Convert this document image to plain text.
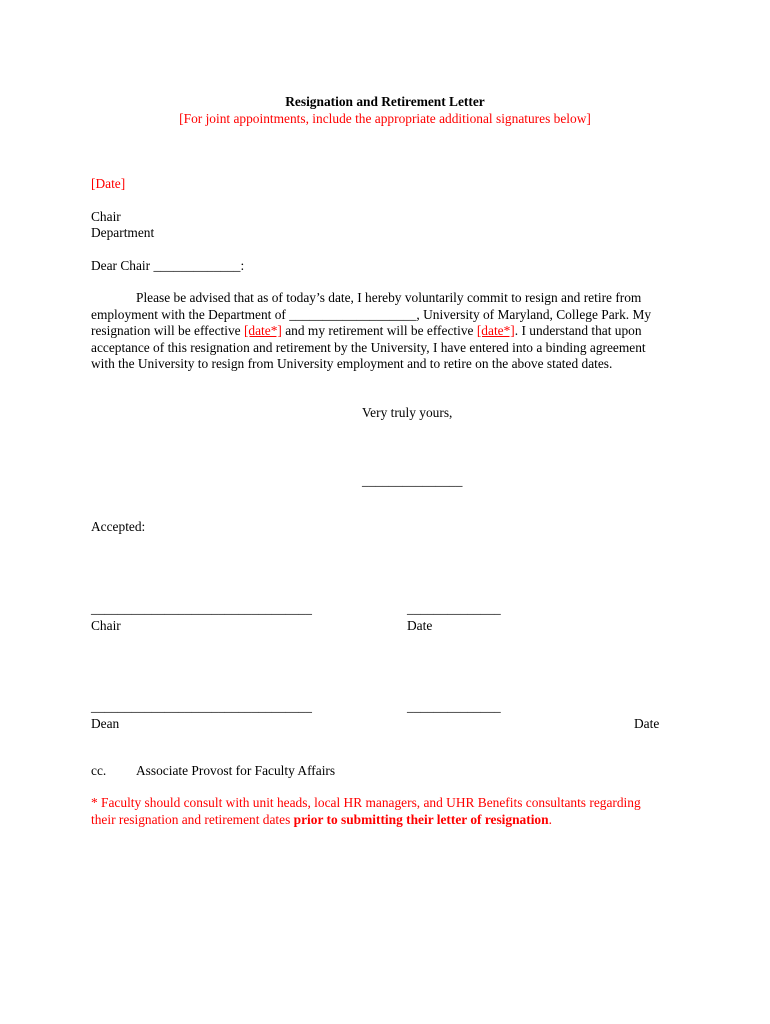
Resignation and Retirement Letter
[For joint appointments, include the appropriate additional signatures below]
[Date]
Chair
Department
Dear Chair _____________:
Please be advised that as of today’s date, I hereby voluntarily commit to resign and retire from
employment with the Department of ___________________, University of Maryland, College Park. My
resignation will be effective [date*] and my retirement will be effective [date*]. I understand that upon
acceptance of this resignation and retirement by the University, I have entered into a binding agreement
with the University to resign from University employment and to retire on the above stated dates.
Very truly yours,
_______________
Accepted:
_________________________________
Chair
______________
Date
_________________________________
Dean
______________
Date
cc. Associate Provost for Faculty Affairs
* Faculty should consult with unit heads, local HR managers, and UHR Benefits consultants regarding
their resignation and retirement dates prior to submitting their letter of resignation.
